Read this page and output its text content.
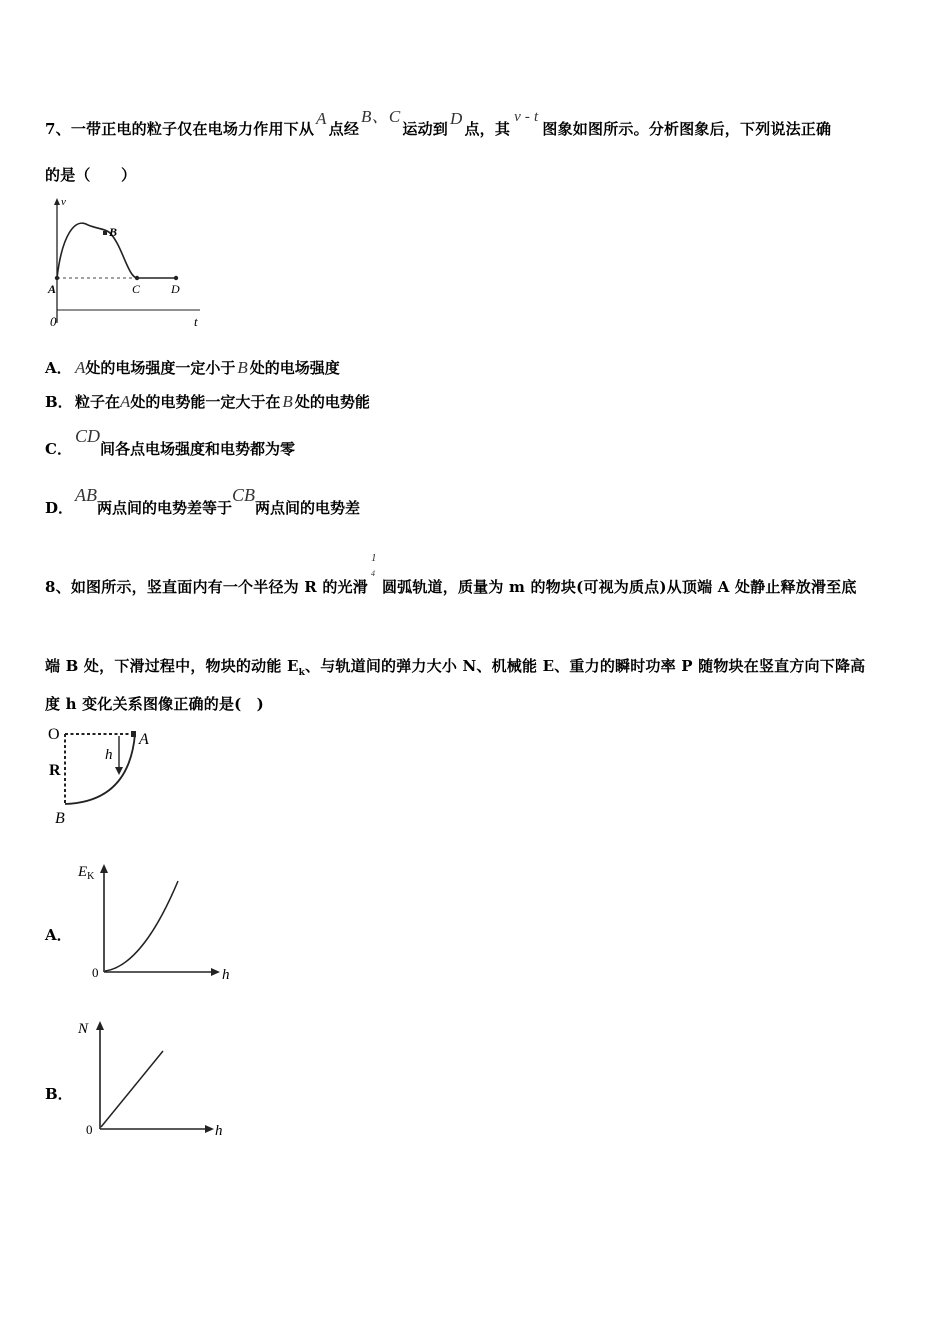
7、一带正电的粒子仅在电场力作用下从A点经B、C运动到D点，其v - t图象如图所示。分析图象后，下列说法正确
的是（　　）
v
t
0
A
B
C	D
A． A处的电场强度一定小于 B 处的电场强度
B． 粒子在A处的电势能一定大于在 B 处的电势能
C．CD间各点电场强度和电势都为零
D．AB两点间的电势差等于CB两点间的电势差
8、如图所示，竖直面内有一个半径为 R 的光滑
1
4
圆弧轨道，质量为 m 的物块(可视为质点)从顶端 A 处静止释放滑至底
端 B 处，下滑过程中，物块的动能 $E_k$、与轨道间的弹力大小 N、机械能 E、重力的瞬时功率 P 随物块在竖直方向下降高
度 h 变化关系图像正确的是(　)
O
R
h
A
B
A．
$E_K$
h
0
B．
N
h
0
